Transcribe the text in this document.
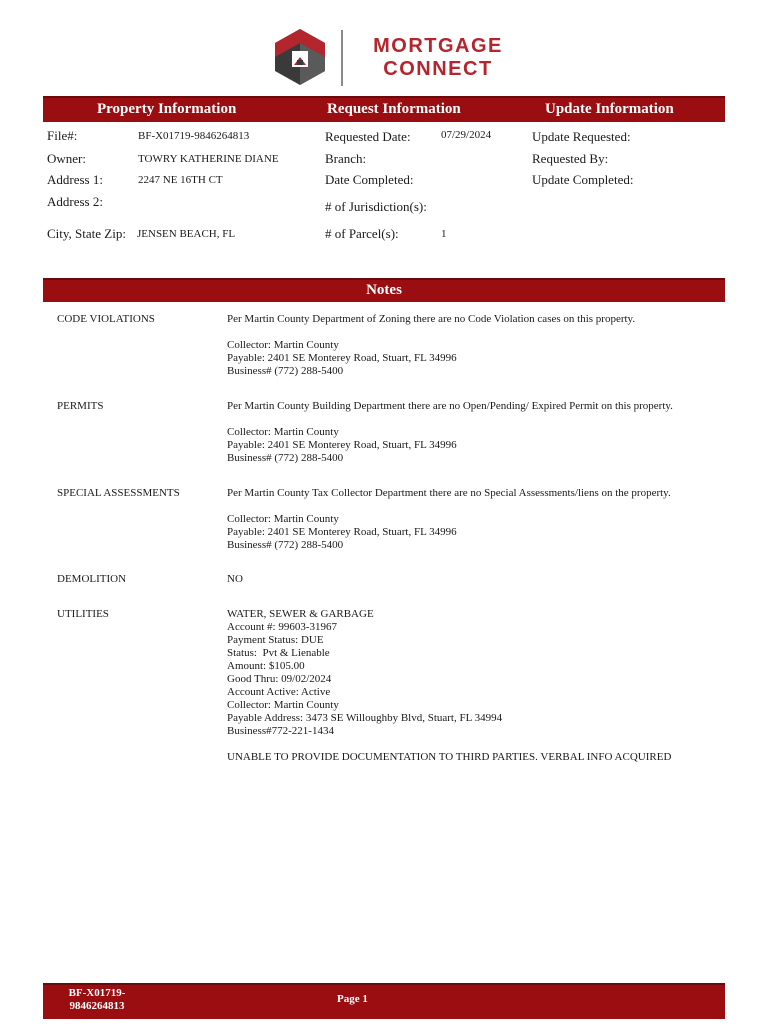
MORTGAGE
CONNECT
Property Information	Request Information	Update Information
File#:	BF-X01719-9846264813
Owner:	TOWRY KATHERINE DIANE
Address 1:	2247 NE 16TH CT
Address 2:
City, State Zip: JENSEN BEACH, FL
Requested Date:	07/29/2024
Branch:
Date Completed:
# of Jurisdiction(s):
# of Parcel(s):	1
Update Requested:
Requested By:
Update Completed:
Notes
CODE VIOLATIONS	Per Martin County Department of Zoning there are no Code Violation cases on this property.
Collector: Martin County
Payable: 2401 SE Monterey Road, Stuart, FL 34996
Business# (772) 288-5400
PERMITS	Per Martin County Building Department there are no Open/Pending/ Expired Permit on this property.
Collector: Martin County
Payable: 2401 SE Monterey Road, Stuart, FL 34996
Business# (772) 288-5400
SPECIAL ASSESSMENTS	Per Martin County Tax Collector Department there are no Special Assessments/liens on the property.
Collector: Martin County
Payable: 2401 SE Monterey Road, Stuart, FL 34996
Business# (772) 288-5400
DEMOLITION	NO
UTILITIES	WATER, SEWER & GARBAGE
Account #: 99603-31967
Payment Status: DUE
Status:  Pvt & Lienable
Amount: $105.00
Good Thru: 09/02/2024
Account Active: Active
Collector: Martin County
Payable Address: 3473 SE Willoughby Blvd, Stuart, FL 34994
Business#772-221-1434
UNABLE TO PROVIDE DOCUMENTATION TO THIRD PARTIES. VERBAL INFO ACQUIRED
BF-X01719-
9846264813
Page 1
